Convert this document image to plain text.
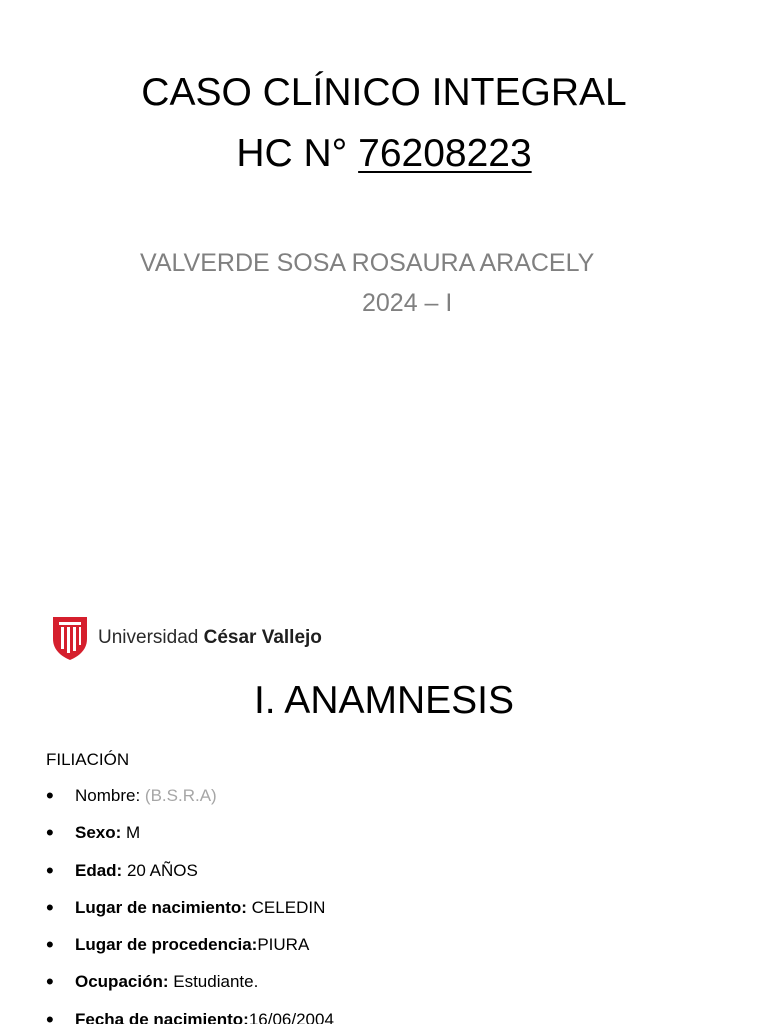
CASO CLÍNICO INTEGRAL
HC N° 76208223
VALVERDE SOSA ROSAURA ARACELY
2024 – I
Universidad César Vallejo
I. ANAMNESIS
FILIACIÓN
• Nombre: (B.S.R.A)
• Sexo: M
• Edad: 20 AÑOS
• Lugar de nacimiento: CELEDIN
• Lugar de procedencia:PIURA
• Ocupación: Estudiante.
• Fecha de nacimiento:16/06/2004
